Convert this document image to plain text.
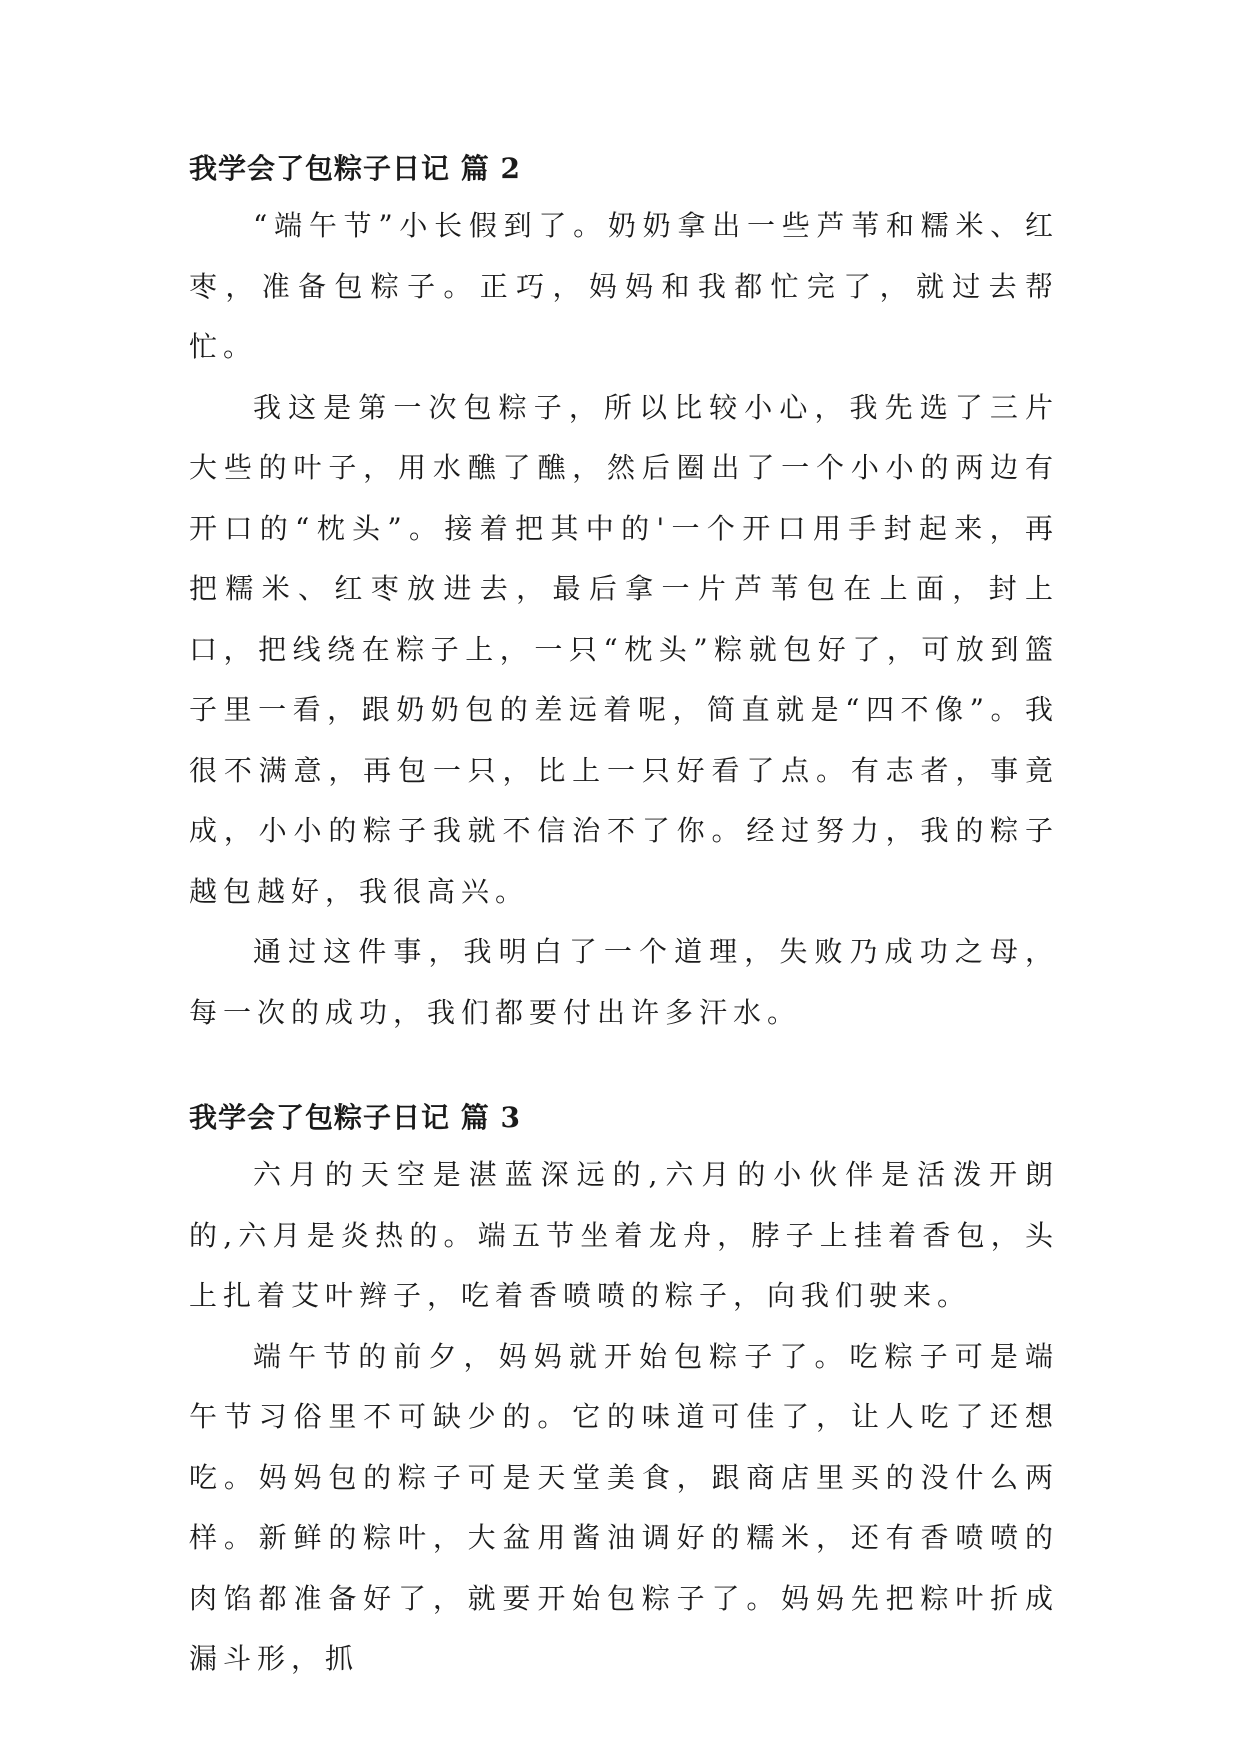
我学会了包粽子日记 篇 2

“端午节”小长假到了。奶奶拿出一些芦苇和糯米、红枣，准备包粽子。正巧，妈妈和我都忙完了，就过去帮忙。

我这是第一次包粽子，所以比较小心，我先选了三片大些的叶子，用水醮了醮，然后圈出了一个小小的两边有开口的“枕头”。接着把其中的'一个开口用手封起来，再把糯米、红枣放进去，最后拿一片芦苇包在上面，封上口，把线绕在粽子上，一只“枕头”粽就包好了，可放到篮子里一看，跟奶奶包的差远着呢，简直就是“四不像”。我很不满意，再包一只，比上一只好看了点。有志者，事竟成，小小的粽子我就不信治不了你。经过努力，我的粽子越包越好，我很高兴。

通过这件事，我明白了一个道理，失败乃成功之母，每一次的成功，我们都要付出许多汗水。

我学会了包粽子日记 篇 3

六月的天空是湛蓝深远的,六月的小伙伴是活泼开朗的,六月是炎热的。端五节坐着龙舟，脖子上挂着香包，头上扎着艾叶辫子，吃着香喷喷的粽子，向我们驶来。

端午节的前夕，妈妈就开始包粽子了。吃粽子可是端午节习俗里不可缺少的。它的味道可佳了，让人吃了还想吃。妈妈包的粽子可是天堂美食，跟商店里买的没什么两样。新鲜的粽叶，大盆用酱油调好的糯米，还有香喷喷的肉馅都准备好了，就要开始包粽子了。妈妈先把粽叶折成漏斗形，抓
